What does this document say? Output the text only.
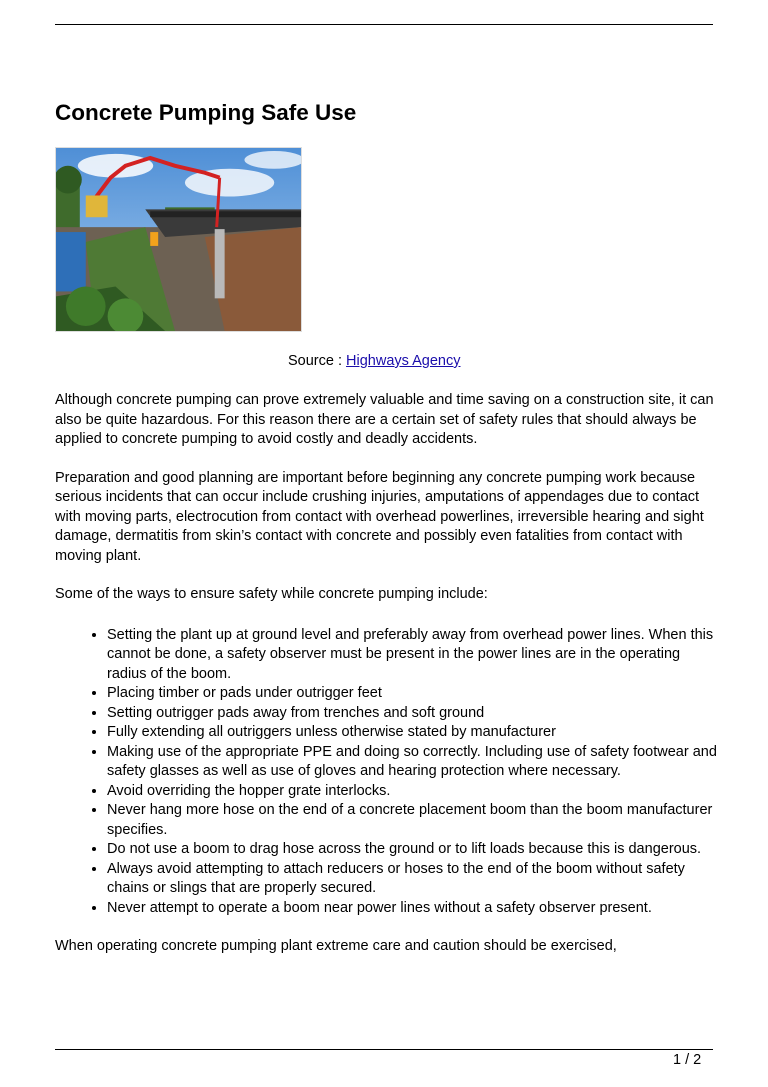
Concrete Pumping Safe Use
Source : Highways Agency

Although concrete pumping can prove extremely valuable and time saving on a construction site, it can also be quite hazardous. For this reason there are a certain set of safety rules that should always be applied to concrete pumping to avoid costly and deadly accidents.

Preparation and good planning are important before beginning any concrete pumping work because serious incidents that can occur include crushing injuries, amputations of appendages due to contact with moving parts, electrocution from contact with overhead powerlines, irreversible hearing and sight damage, dermatitis from skin’s contact with concrete and possibly even fatalities from contact with moving plant.

Some of the ways to ensure safety while concrete pumping include:

• Setting the plant up at ground level and preferably away from overhead power lines. When this cannot be done, a safety observer must be present in the power lines are in the operating radius of the boom.
• Placing timber or pads under outrigger feet
• Setting outrigger pads away from trenches and soft ground
• Fully extending all outriggers unless otherwise stated by manufacturer
• Making use of the appropriate PPE and doing so correctly. Including use of safety footwear and safety glasses as well as use of gloves and hearing protection where necessary.
• Avoid overriding the hopper grate interlocks.
• Never hang more hose on the end of a concrete placement boom than the boom manufacturer specifies.
• Do not use a boom to drag hose across the ground or to lift loads because this is dangerous.
• Always avoid attempting to attach reducers or hoses to the end of the boom without safety chains or slings that are properly secured.
• Never attempt to operate a boom near power lines without a safety observer present.

When operating concrete pumping plant extreme care and caution should be exercised,

1 / 2
